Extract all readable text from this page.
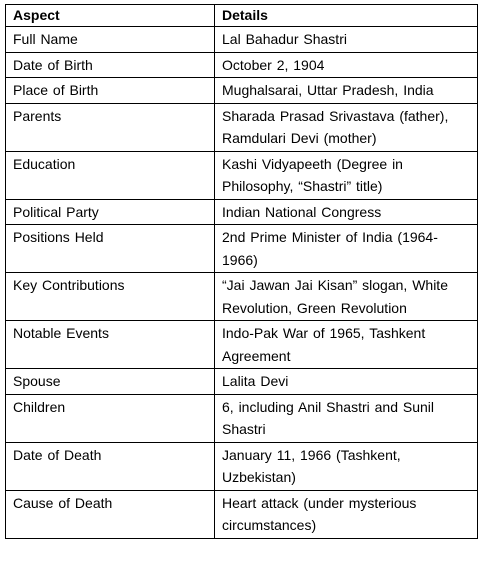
Aspect	Details
Full Name	Lal Bahadur Shastri
Date of Birth	October 2, 1904
Place of Birth	Mughalsarai, Uttar Pradesh, India
Parents	Sharada Prasad Srivastava (father), Ramdulari Devi (mother)
Education	Kashi Vidyapeeth (Degree in Philosophy, “Shastri” title)
Political Party	Indian National Congress
Positions Held	2nd Prime Minister of India (1964-1966)
Key Contributions	“Jai Jawan Jai Kisan” slogan, White Revolution, Green Revolution
Notable Events	Indo-Pak War of 1965, Tashkent Agreement
Spouse	Lalita Devi
Children	6, including Anil Shastri and Sunil Shastri
Date of Death	January 11, 1966 (Tashkent, Uzbekistan)
Cause of Death	Heart attack (under mysterious circumstances)
